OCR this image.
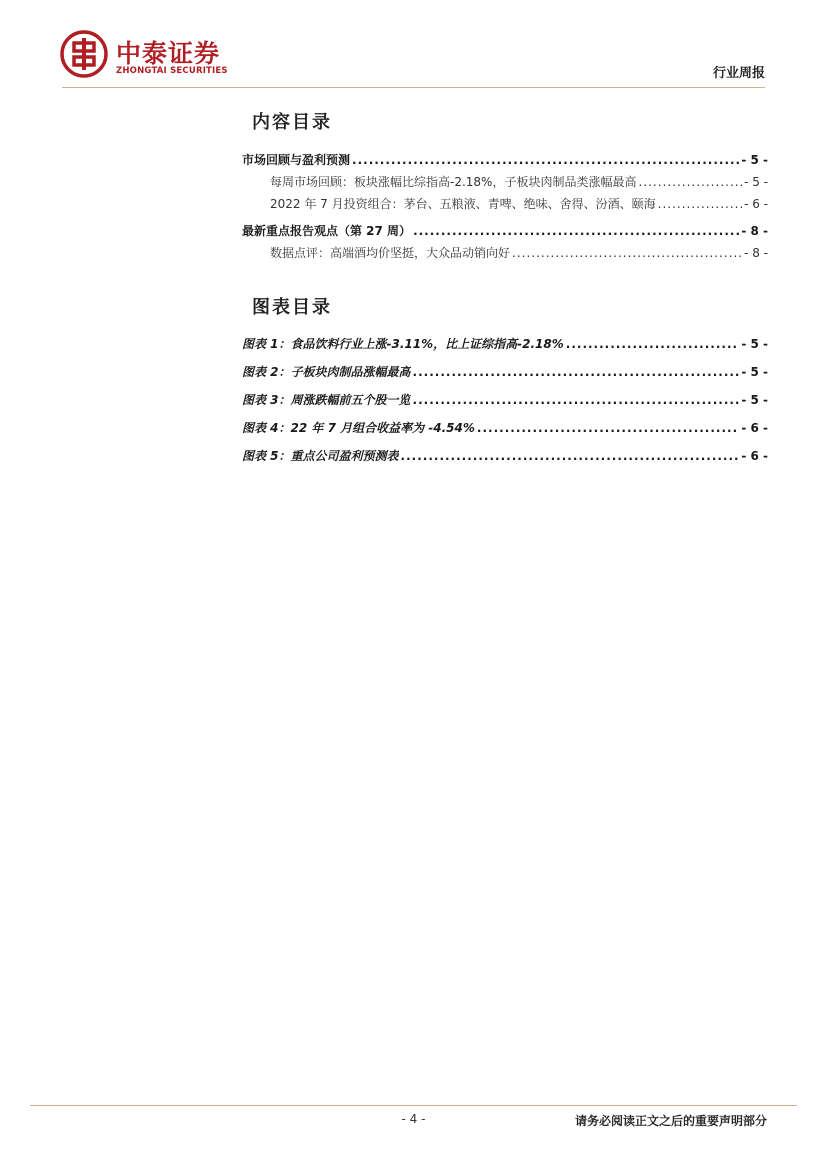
中泰证券
ZHONGTAI SECURITIES	行业周报
内容目录
市场回顾与盈利预测 .....	- 5 -
每周市场回顾：板块涨幅比综指高-2.18%，子板块肉制品类涨幅最高 .....	- 5 -
2022 年 7 月投资组合：茅台、五粮液、青啤、绝味、舍得、汾酒、颐海 .....	- 6 -
最新重点报告观点（第 27 周） .....	- 8 -
数据点评：高端酒均价坚挺，大众品动销向好 .....	- 8 -
图表目录
图表 1：食品饮料行业上涨-3.11%，比上证综指高-2.18% .....	- 5 -
图表 2：子板块肉制品涨幅最高 .....	- 5 -
图表 3：周涨跌幅前五个股一览 .....	- 5 -
图表 4：22 年 7 月组合收益率为 -4.54% .....	- 6 -
图表 5：重点公司盈利预测表 .....	- 6 -
- 4 -	请务必阅读正文之后的重要声明部分
